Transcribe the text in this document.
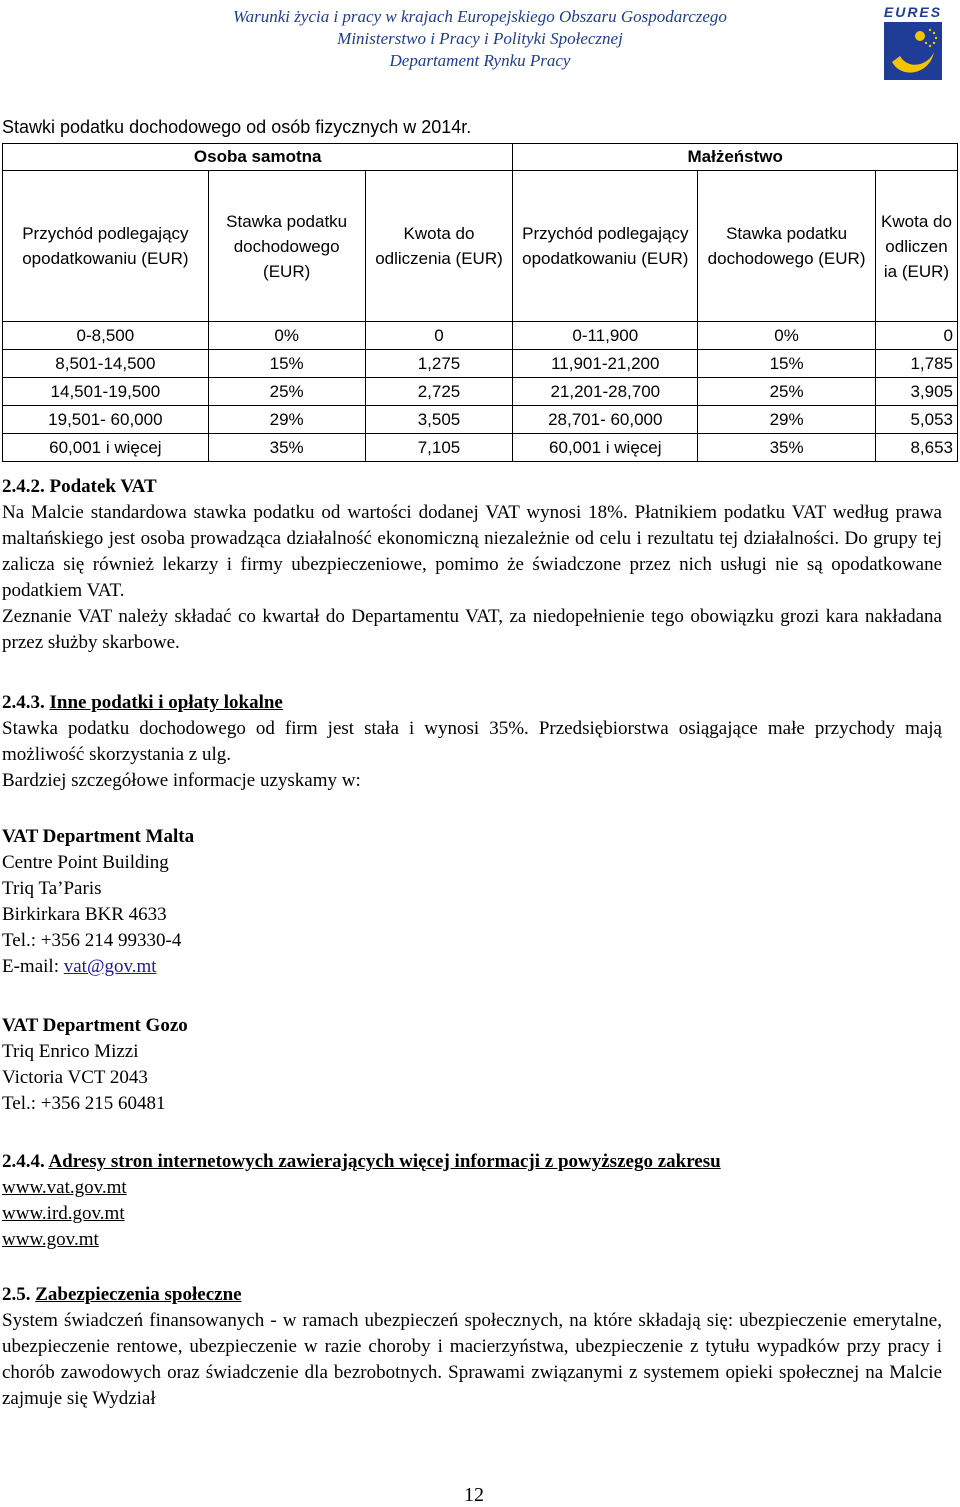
Warunki życia i pracy w krajach Europejskiego Obszaru Gospodarczego
Ministerstwo i Pracy i Polityki Społecznej
Departament Rynku Pracy
EURES
Stawki podatku dochodowego od osób fizycznych w 2014r.
Osoba samotna			Małżeństwo		
Przychód podlegający opodatkowaniu (EUR)	Stawka podatku dochodowego (EUR)	Kwota do odliczenia (EUR)	Przychód podlegający opodatkowaniu (EUR)	Stawka podatku dochodowego (EUR)	Kwota do odliczen ia (EUR)
0-8,500	0%	0	0-11,900	0%	0
8,501-14,500	15%	1,275	11,901-21,200	15%	1,785
14,501-19,500	25%	2,725	21,201-28,700	25%	3,905
19,501- 60,000	29%	3,505	28,701- 60,000	29%	5,053
60,001 i więcej	35%	7,105	60,001 i więcej	35%	8,653
2.4.2. Podatek VAT
Na Malcie standardowa stawka podatku od wartości dodanej VAT wynosi 18%. Płatnikiem podatku VAT według prawa maltańskiego jest osoba prowadząca działalność ekonomiczną niezależnie od celu i rezultatu tej działalności. Do grupy tej zalicza się również lekarzy i firmy ubezpieczeniowe, pomimo że świadczone przez nich usługi nie są opodatkowane podatkiem VAT.
Zeznanie VAT należy składać co kwartał do Departamentu VAT, za niedopełnienie tego obowiązku grozi kara nakładana przez służby skarbowe.
2.4.3. Inne podatki i opłaty lokalne
Stawka podatku dochodowego od firm jest stała i wynosi 35%. Przedsiębiorstwa osiągające małe przychody mają możliwość skorzystania z ulg.
Bardziej szczegółowe informacje uzyskamy w:
VAT Department Malta
Centre Point Building
Triq Ta’Paris
Birkirkara BKR 4633
Tel.: +356 214 99330-4
E-mail: vat@gov.mt
VAT Department Gozo
Triq Enrico Mizzi
Victoria VCT 2043
Tel.: +356 215 60481
2.4.4. Adresy stron internetowych zawierających więcej informacji z powyższego zakresu
www.vat.gov.mt
www.ird.gov.mt
www.gov.mt
2.5. Zabezpieczenia społeczne
System świadczeń finansowanych - w ramach ubezpieczeń społecznych, na które składają się: ubezpieczenie emerytalne, ubezpieczenie rentowe, ubezpieczenie w razie choroby i macierzyństwa, ubezpieczenie z tytułu wypadków przy pracy i chorób zawodowych oraz świadczenie dla bezrobotnych. Sprawami związanymi z systemem opieki społecznej na Malcie zajmuje się Wydział
12
